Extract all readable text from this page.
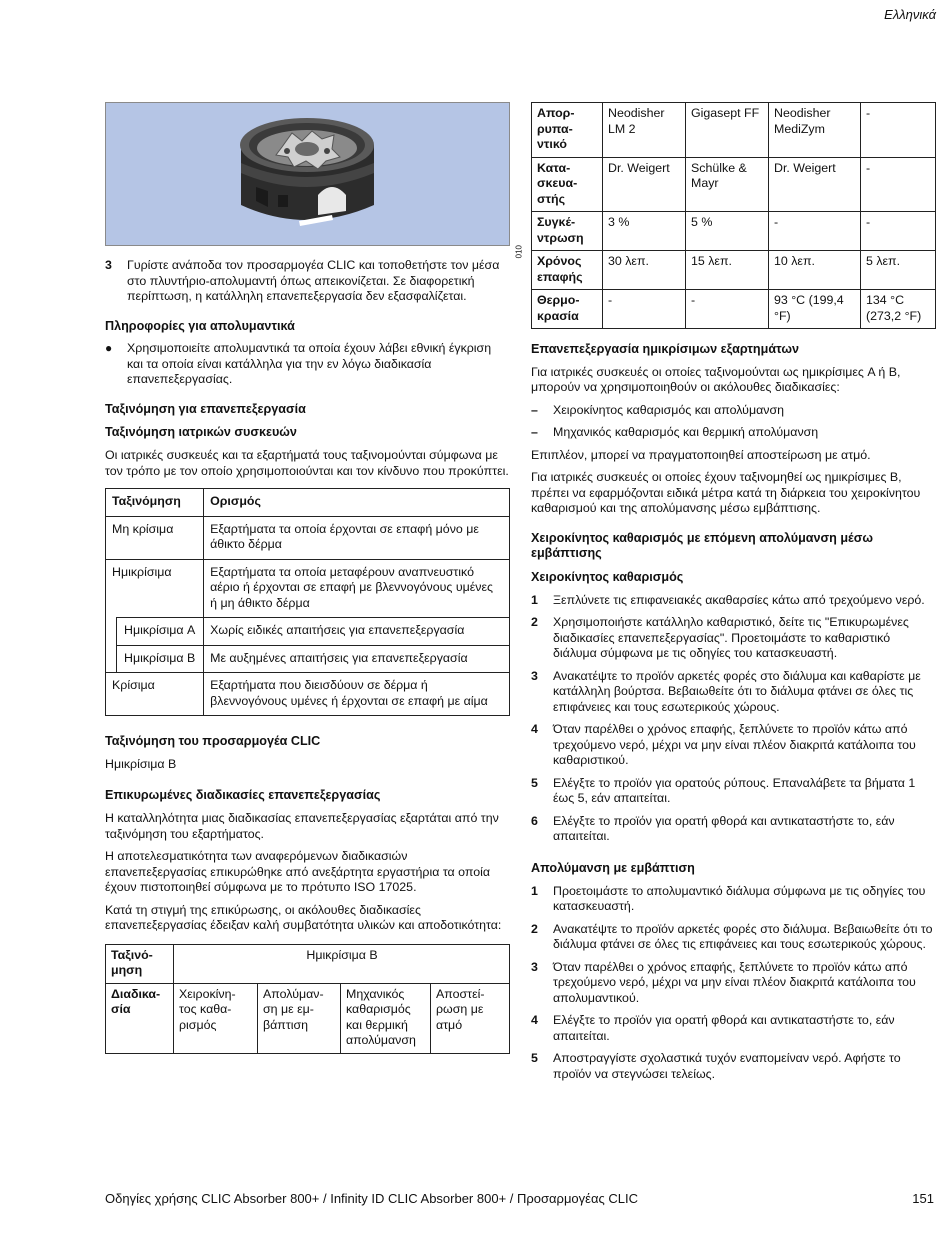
Ελληνικά
010
3	Γυρίστε ανάποδα τον προσαρμογέα CLIC και τοποθετήστε τον μέσα στο πλυντήριο-απολυμαντή όπως απεικονίζεται. Σε διαφορετική περίπτωση, η κατάλληλη επανεπεξεργασία δεν εξασφαλίζεται.
Πληροφορίες για απολυμαντικά
●	Χρησιμοποιείτε απολυμαντικά τα οποία έχουν λάβει εθνική έγκριση και τα οποία είναι κατάλληλα για την εν λόγω διαδικασία επανεπεξεργασίας.
Ταξινόμηση για επανεπεξεργασία
Ταξινόμηση ιατρικών συσκευών

Οι ιατρικές συσκευές και τα εξαρτήματά τους ταξινομούνται σύμφωνα με τον τρόπο με τον οποίο χρησιμοποιούνται και τον κίνδυνο που προκύπτει.

Ταξινόμηση		Ορισμός
Μη κρίσιμα		Εξαρτήματα τα οποία έρχονται σε επαφή μόνο με άθικτο δέρμα
Ημικρίσιμα		Εξαρτήματα τα οποία μεταφέρουν αναπνευστικό αέριο ή έρχονται σε επαφή με βλεννογόνους υμένες ή μη άθικτο δέρμα
	Ημικρίσιμα A	Χωρίς ειδικές απαιτήσεις για επανεπεξεργασία
	Ημικρίσιμα B	Με αυξημένες απαιτήσεις για επανεπεξεργασία
Κρίσιμα		Εξαρτήματα που διεισδύουν σε δέρμα ή βλεννογόνους υμένες ή έρχονται σε επαφή με αίμα
Ταξινόμηση του προσαρμογέα CLIC

Ημικρίσιμα B

Επικυρωμένες διαδικασίες επανεπεξεργασίας

Η καταλληλότητα μιας διαδικασίας επανεπεξεργασίας εξαρτάται από την ταξινόμηση του εξαρτήματος.

Η αποτελεσματικότητα των αναφερόμενων διαδικασιών επανεπεξεργασίας επικυρώθηκε από ανεξάρτητα εργαστήρια τα οποία έχουν πιστοποιηθεί σύμφωνα με το πρότυπο ISO 17025.

Κατά τη στιγμή της επικύρωσης, οι ακόλουθες διαδικασίες επανεπεξεργασίας έδειξαν καλή συμβατότητα υλικών και αποδοτικότητα:

Ταξινό-μηση	Ημικρίσιμα B			
Διαδικα-σία	Χειροκίνη-τος καθα-ρισμός	Απολύμαν-ση με εμ-βάπτιση	Μηχανικός καθαρισμός και θερμική απολύμανση	Αποστεί-ρωση με ατμό
Απορ-ρυπα-ντικό	Neodisher LM 2	Gigasept FF	Neodisher MediZym	-
Κατα-σκευα-στής	Dr. Weigert	Schülke & Mayr	Dr. Weigert	-
Συγκέ-ντρωση	3 %	5 %	-	-
Χρόνος επαφής	30 λεπ.	15 λεπ.	10 λεπ.	5 λεπ.
Θερμο-κρασία	-	-	93 °C (199,4 °F)	134 °C (273,2 °F)
Επανεπεξεργασία ημικρίσιμων εξαρτημάτων

Για ιατρικές συσκευές οι οποίες ταξινομούνται ως ημικρίσιμες A ή B, μπορούν να χρησιμοποιηθούν οι ακόλουθες διαδικασίες:

–	Χειροκίνητος καθαρισμός και απολύμανση
–	Μηχανικός καθαρισμός και θερμική απολύμανση

Επιπλέον, μπορεί να πραγματοποιηθεί αποστείρωση με ατμό.

Για ιατρικές συσκευές οι οποίες έχουν ταξινομηθεί ως ημικρίσιμες B, πρέπει να εφαρμόζονται ειδικά μέτρα κατά τη διάρκεια του χειροκίνητου καθαρισμού και της απολύμανσης μέσω εμβάπτισης.

Χειροκίνητος καθαρισμός με επόμενη απολύμανση μέσω εμβάπτισης
Χειροκίνητος καθαρισμός
1	Ξεπλύνετε τις επιφανειακές ακαθαρσίες κάτω από τρεχούμενο νερό.
2	Χρησιμοποιήστε κατάλληλο καθαριστικό, δείτε τις "Επικυρωμένες διαδικασίες επανεπεξεργασίας". Προετοιμάστε το καθαριστικό διάλυμα σύμφωνα με τις οδηγίες του κατασκευαστή.
3	Ανακατέψτε το προϊόν αρκετές φορές στο διάλυμα και καθαρίστε με κατάλληλη βούρτσα. Βεβαιωθείτε ότι το διάλυμα φτάνει σε όλες τις επιφάνειες και τους εσωτερικούς χώρους.
4	Όταν παρέλθει ο χρόνος επαφής, ξεπλύνετε το προϊόν κάτω από τρεχούμενο νερό, μέχρι να μην είναι πλέον διακριτά κατάλοιπα του καθαριστικού.
5	Ελέγξτε το προϊόν για ορατούς ρύπους. Επαναλάβετε τα βήματα 1 έως 5, εάν απαιτείται.
6	Ελέγξτε το προϊόν για ορατή φθορά και αντικαταστήστε το, εάν απαιτείται.
Απολύμανση με εμβάπτιση
1	Προετοιμάστε το απολυμαντικό διάλυμα σύμφωνα με τις οδηγίες του κατασκευαστή.
2	Ανακατέψτε το προϊόν αρκετές φορές στο διάλυμα. Βεβαιωθείτε ότι το διάλυμα φτάνει σε όλες τις επιφάνειες και τους εσωτερικούς χώρους.
3	Όταν παρέλθει ο χρόνος επαφής, ξεπλύνετε το προϊόν κάτω από τρεχούμενο νερό, μέχρι να μην είναι πλέον διακριτά κατάλοιπα του απολυμαντικού.
4	Ελέγξτε το προϊόν για ορατή φθορά και αντικαταστήστε το, εάν απαιτείται.
5	Αποστραγγίστε σχολαστικά τυχόν εναπομείναν νερό. Αφήστε το προϊόν να στεγνώσει τελείως.
Οδηγίες χρήσης CLIC Absorber 800+ / Infinity ID CLIC Absorber 800+ / Προσαρμογέας CLIC	151
